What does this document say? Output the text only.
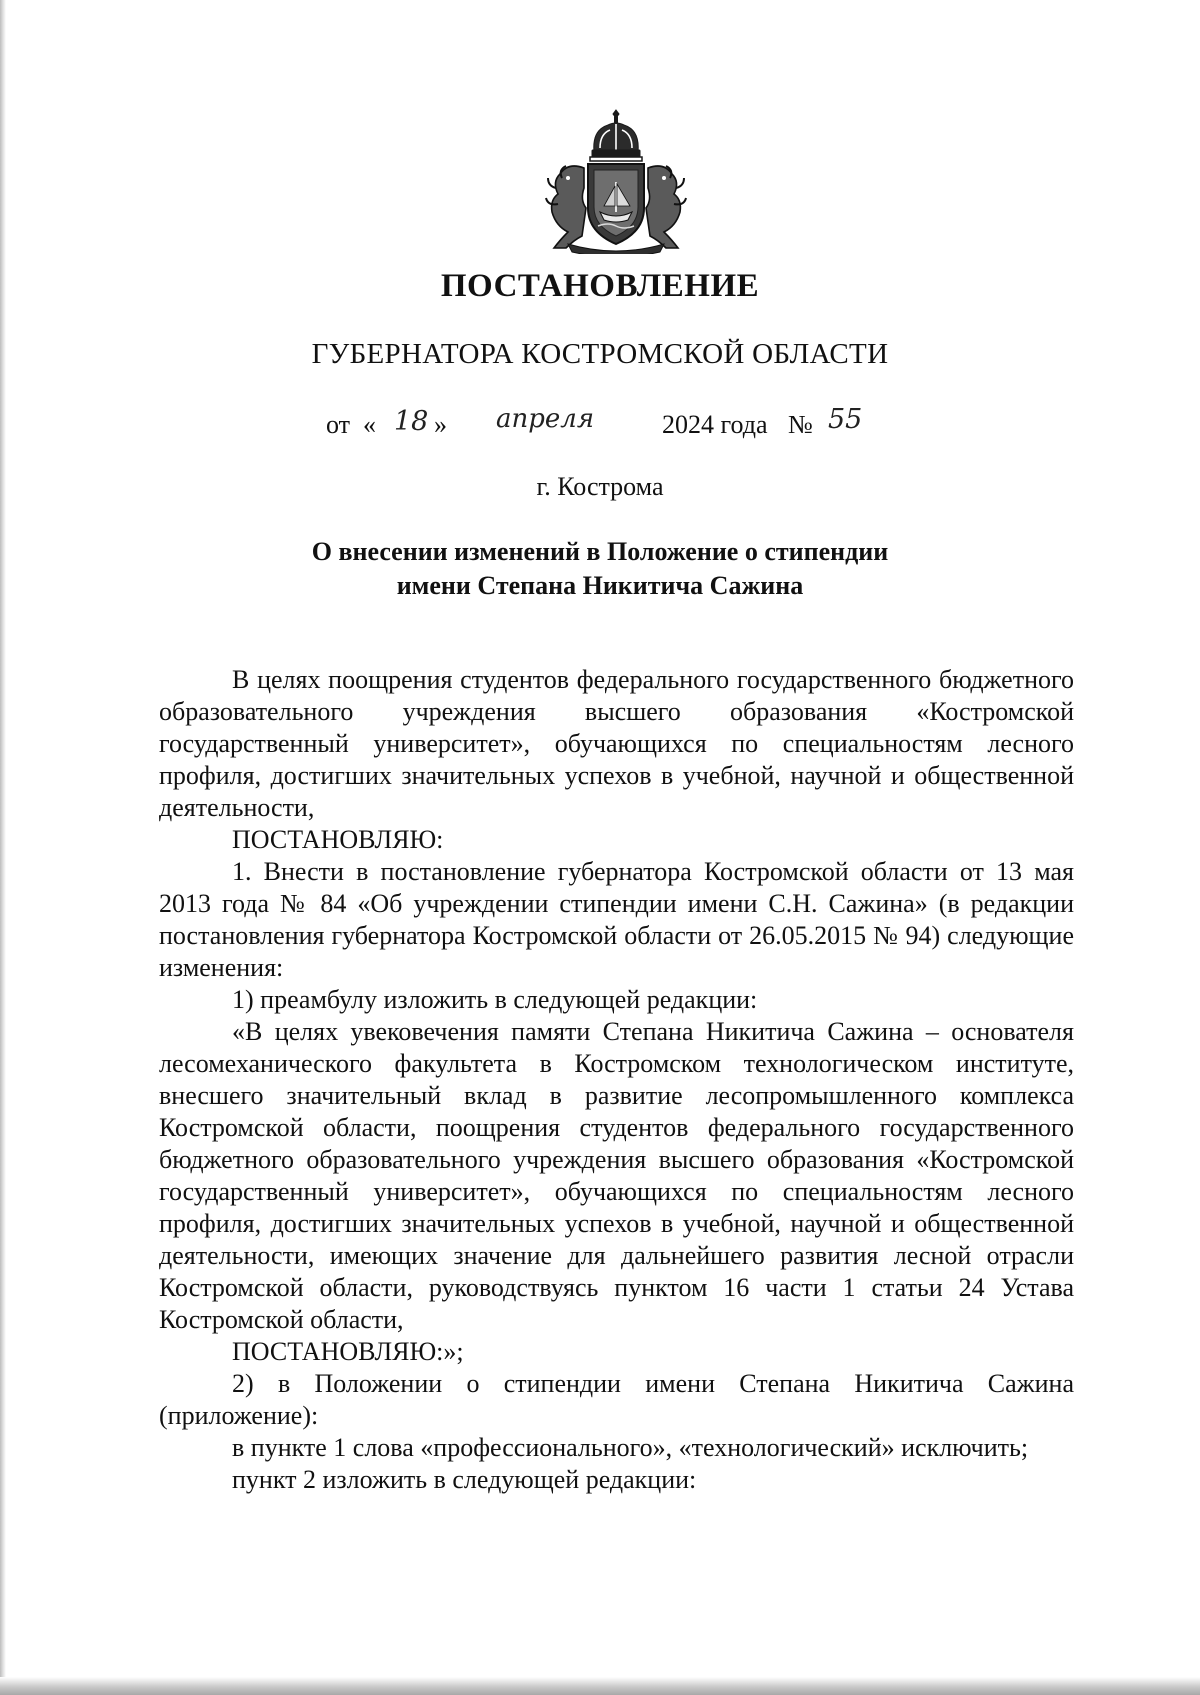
ПОСТАНОВЛЕНИЕ
ГУБЕРНАТОРА КОСТРОМСКОЙ ОБЛАСТИ
от « 18 » апреля	2024 года № 55
г. Кострома
О внесении изменений в Положение о стипендии
имени Степана Никитича Сажина

В целях поощрения студентов федерального государственного бюджетного образовательного учреждения высшего образования «Костромской государственный университет», обучающихся по специальностям лесного профиля, достигших значительных успехов в учебной, научной и общественной деятельности,

ПОСТАНОВЛЯЮ:

1. Внести в постановление губернатора Костромской области от 13 мая 2013 года № 84 «Об учреждении стипендии имени С.Н. Сажина» (в редакции постановления губернатора Костромской области от 26.05.2015 № 94) следующие изменения:

1) преамбулу изложить в следующей редакции:

«В целях увековечения памяти Степана Никитича Сажина – основателя лесомеханического факультета в Костромском технологическом институте, внесшего значительный вклад в развитие лесопромышленного комплекса Костромской области, поощрения студентов федерального государственного бюджетного образовательного учреждения высшего образования «Костромской государственный университет», обучающихся по специальностям лесного профиля, достигших значительных успехов в учебной, научной и общественной деятельности, имеющих значение для дальнейшего развития лесной отрасли Костромской области, руководствуясь пунктом 16 части 1 статьи 24 Устава Костромской области,

ПОСТАНОВЛЯЮ:»;

2) в Положении о стипендии имени Степана Никитича Сажина (приложение):

в пункте 1 слова «профессионального», «технологический» исключить;

пункт 2 изложить в следующей редакции:
